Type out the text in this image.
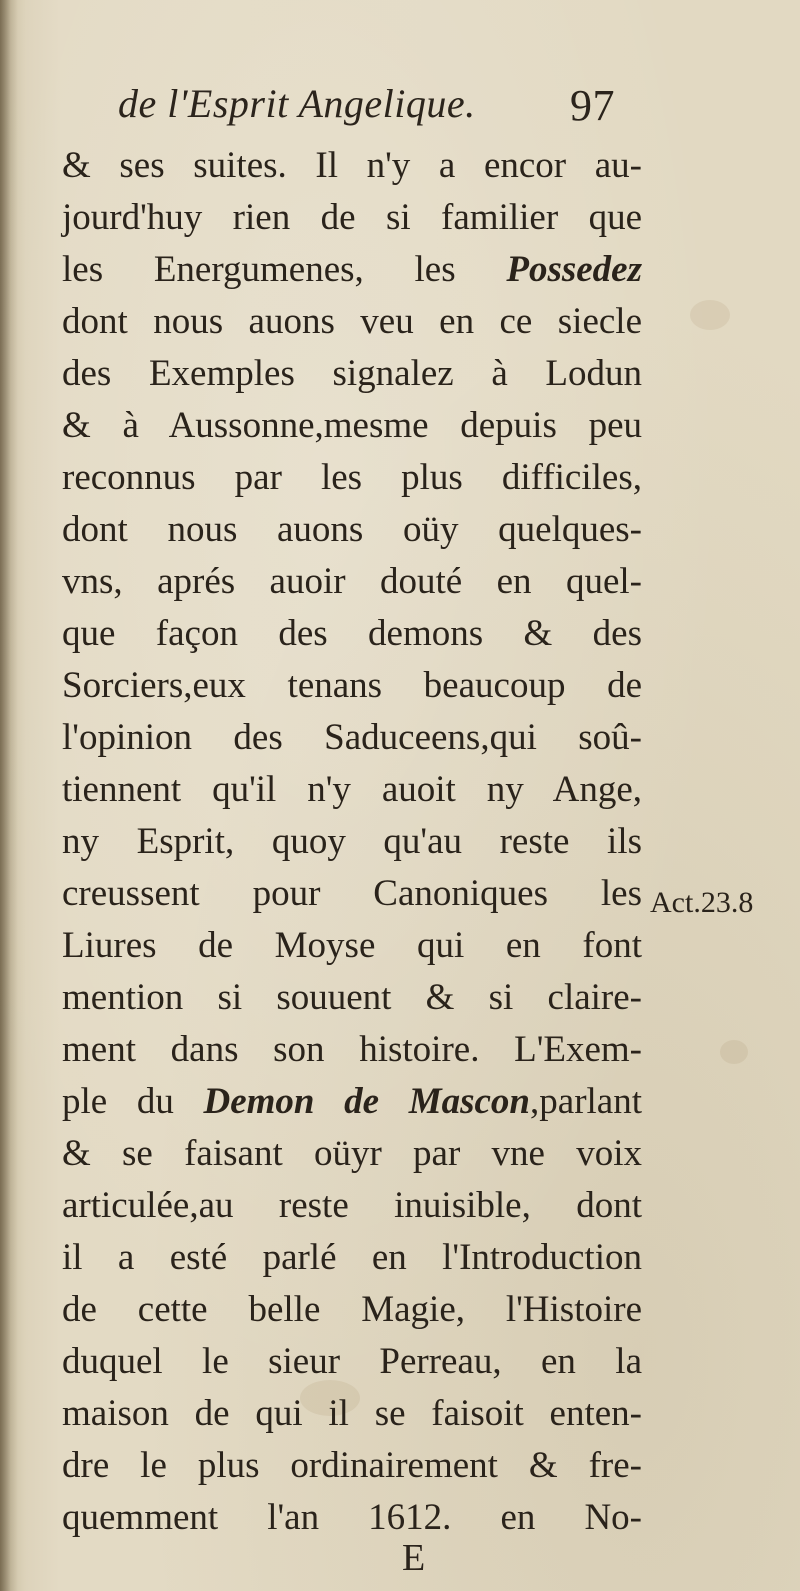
de l'Esprit Angelique. 97
& ses suites. Il n'y a encor au-
jourd'huy rien de si familier que
les Energumenes, les Possedez
dont nous auons veu en ce siecle
des Exemples signalez à Lodun
& à Aussonne,mesme depuis peu
reconnus par les plus difficiles,
dont nous auons oüy quelques-
vns, aprés auoir douté en quel-
que façon des demons & des
Sorciers,eux tenans beaucoup de
l'opinion des Saduceens,qui soû-
tiennent qu'il n'y auoit ny Ange,
ny Esprit, quoy qu'au reste ils
creussent pour Canoniques les
Liures de Moyse qui en font
mention si souuent & si claire-
ment dans son histoire. L'Exem-
ple du Demon de Mascon,parlant
& se faisant oüyr par vne voix
articulée,au reste inuisible, dont
il a esté parlé en l'Introduction
de cette belle Magie, l'Histoire
duquel le sieur Perreau, en la
maison de qui il se faisoit enten-
dre le plus ordinairement & fre-
quemment l'an 1612. en No-
Act.23.8
E
